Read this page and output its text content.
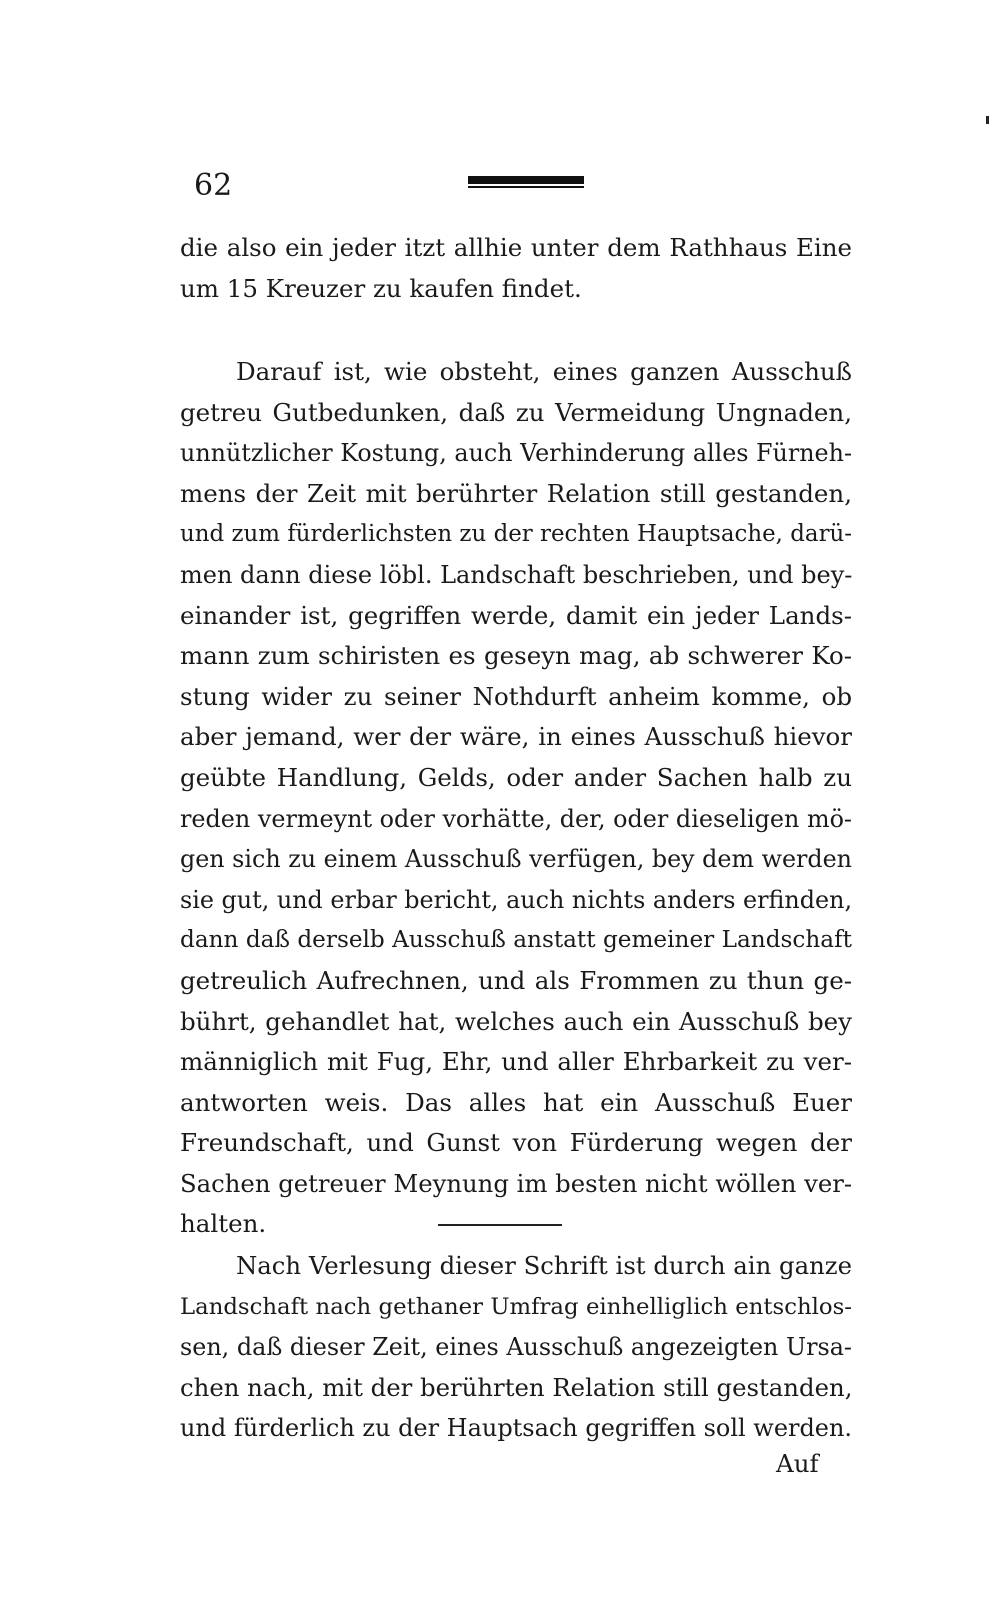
62
die also ein jeder itzt allhie unter dem Rathhaus Eine
um 15 Kreuzer zu kaufen findet.
Darauf ist, wie obsteht, eines ganzen Ausschuß
getreu Gutbedunken, daß zu Vermeidung Ungnaden,
unnützlicher Kostung, auch Verhinderung alles Fürneh-
mens der Zeit mit berührter Relation still gestanden,
und zum fürderlichsten zu der rechten Hauptsache, darü-
men dann diese löbl. Landschaft beschrieben, und bey-
einander ist, gegriffen werde, damit ein jeder Lands-
mann zum schiristen es geseyn mag, ab schwerer Ko-
stung wider zu seiner Nothdurft anheim komme, ob
aber jemand, wer der wäre, in eines Ausschuß hievor
geübte Handlung, Gelds, oder ander Sachen halb zu
reden vermeynt oder vorhätte, der, oder dieseligen mö-
gen sich zu einem Ausschuß verfügen, bey dem werden
sie gut, und erbar bericht, auch nichts anders erfinden,
dann daß derselb Ausschuß anstatt gemeiner Landschaft
getreulich Aufrechnen, und als Frommen zu thun ge-
bührt, gehandlet hat, welches auch ein Ausschuß bey
männiglich mit Fug, Ehr, und aller Ehrbarkeit zu ver-
antworten weis. Das alles hat ein Ausschuß Euer
Freundschaft, und Gunst von Fürderung wegen der
Sachen getreuer Meynung im besten nicht wöllen ver-
halten.
Nach Verlesung dieser Schrift ist durch ain ganze
Landschaft nach gethaner Umfrag einhelliglich entschlos-
sen, daß dieser Zeit, eines Ausschuß angezeigten Ursa-
chen nach, mit der berührten Relation still gestanden,
und fürderlich zu der Hauptsach gegriffen soll werden.
Auf
